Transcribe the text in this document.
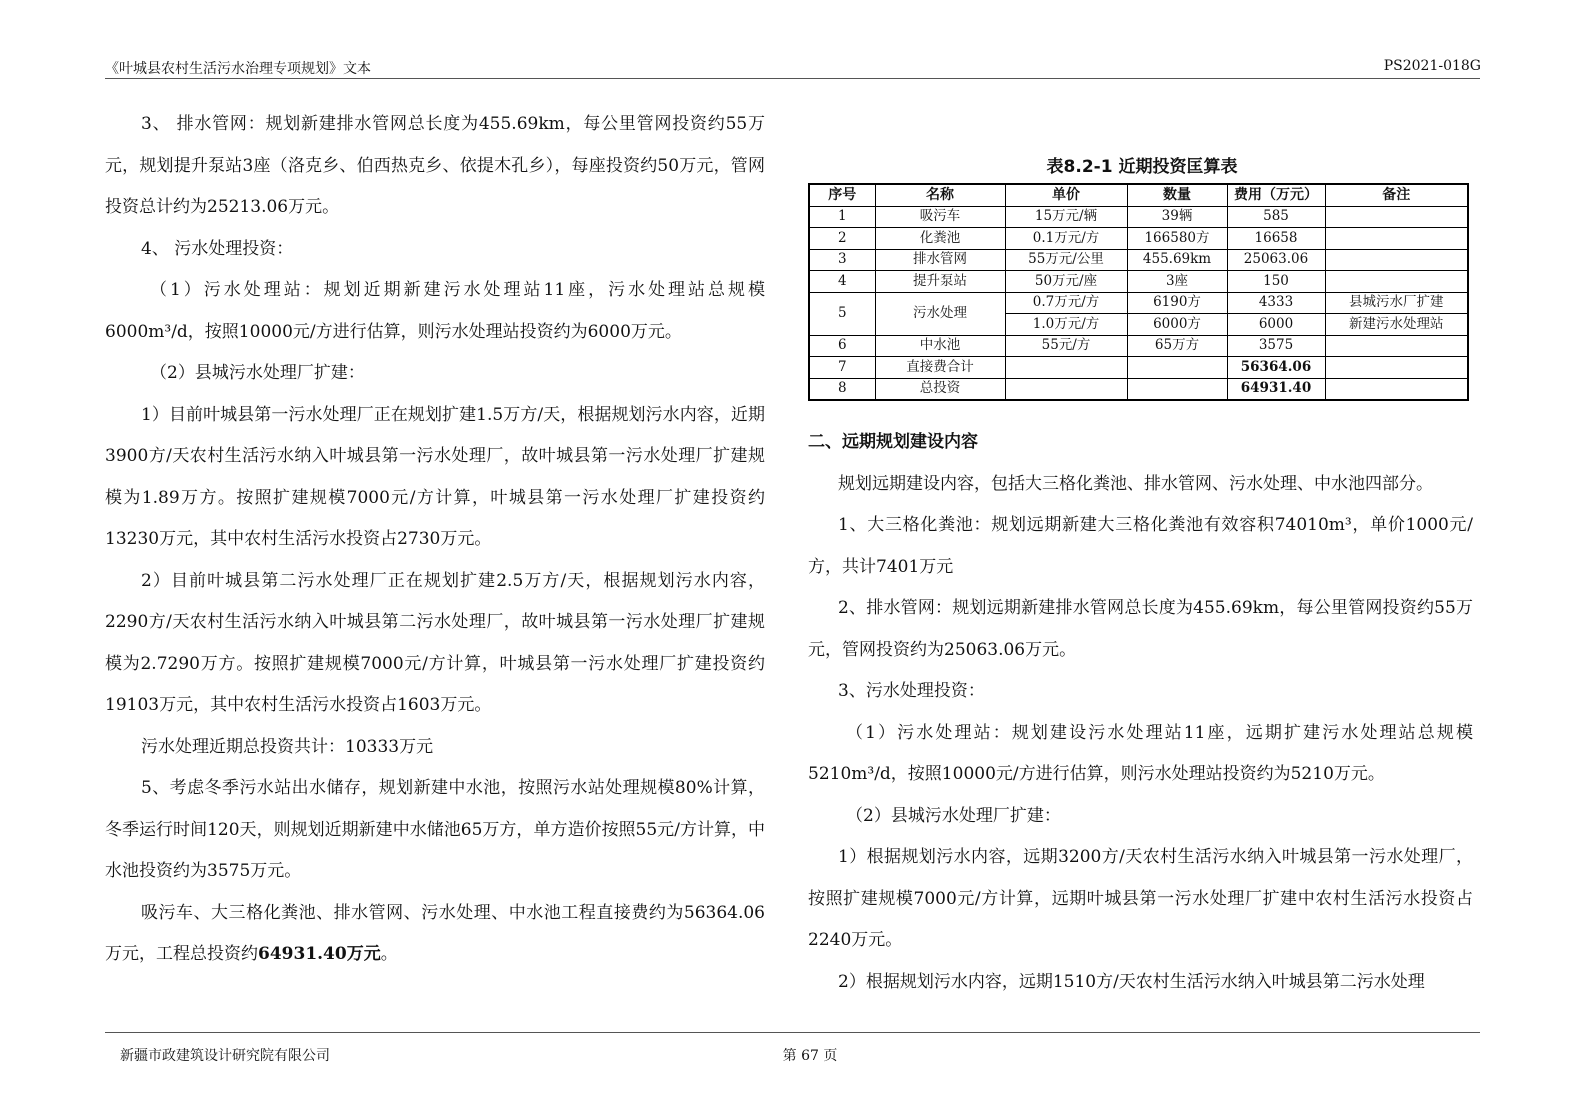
《叶城县农村生活污水治理专项规划》文本	PS2021-018G

3、 排水管网：规划新建排水管网总长度为455.69km，每公里管网投资约55万元，规划提升泵站3座（洛克乡、伯西热克乡、依提木孔乡），每座投资约50万元，管网投资总计约为25213.06万元。

4、 污水处理投资：

（1）污水处理站：规划近期新建污水处理站11座，污水处理站总规模6000m³/d，按照10000元/方进行估算，则污水处理站投资约为6000万元。

（2）县城污水处理厂扩建：

1）目前叶城县第一污水处理厂正在规划扩建1.5万方/天，根据规划污水内容，近期3900方/天农村生活污水纳入叶城县第一污水处理厂，故叶城县第一污水处理厂扩建规模为1.89万方。按照扩建规模7000元/方计算，叶城县第一污水处理厂扩建投资约13230万元，其中农村生活污水投资占2730万元。

2）目前叶城县第二污水处理厂正在规划扩建2.5万方/天，根据规划污水内容，2290方/天农村生活污水纳入叶城县第二污水处理厂，故叶城县第一污水处理厂扩建规模为2.7290万方。按照扩建规模7000元/方计算，叶城县第一污水处理厂扩建投资约19103万元，其中农村生活污水投资占1603万元。

污水处理近期总投资共计：10333万元

5、考虑冬季污水站出水储存，规划新建中水池，按照污水站处理规模80%计算，冬季运行时间120天，则规划近期新建中水储池65万方，单方造价按照55元/方计算，中水池投资约为3575万元。

吸污车、大三格化粪池、排水管网、污水处理、中水池工程直接费约为56364.06万元，工程总投资约64931.40万元。

表8.2-1 近期投资匡算表
序号	名称	单价	数量	费用（万元）	备注
1	吸污车	15万元/辆	39辆	585	
2	化粪池	0.1万元/方	166580方	16658	
3	排水管网	55万元/公里	455.69km	25063.06	
4	提升泵站	50万元/座	3座	150	
5	污水处理	0.7万元/方	6190方	4333	县城污水厂扩建
		1.0万元/方	6000方	6000	新建污水处理站
6	中水池	55元/方	65万方	3575	
7	直接费合计			56364.06	
8	总投资			64931.40	

二、远期规划建设内容

规划远期建设内容，包括大三格化粪池、排水管网、污水处理、中水池四部分。

1、大三格化粪池：规划远期新建大三格化粪池有效容积74010m³，单价1000元/方，共计7401万元

2、排水管网：规划远期新建排水管网总长度为455.69km，每公里管网投资约55万元，管网投资约为25063.06万元。

3、污水处理投资：

（1）污水处理站：规划建设污水处理站11座，远期扩建污水处理站总规模5210m³/d，按照10000元/方进行估算，则污水处理站投资约为5210万元。

（2）县城污水处理厂扩建：

1）根据规划污水内容，远期3200方/天农村生活污水纳入叶城县第一污水处理厂，按照扩建规模7000元/方计算，远期叶城县第一污水处理厂扩建中农村生活污水投资占2240万元。

2）根据规划污水内容，远期1510方/天农村生活污水纳入叶城县第二污水处理

新疆市政建筑设计研究院有限公司	第 67 页
